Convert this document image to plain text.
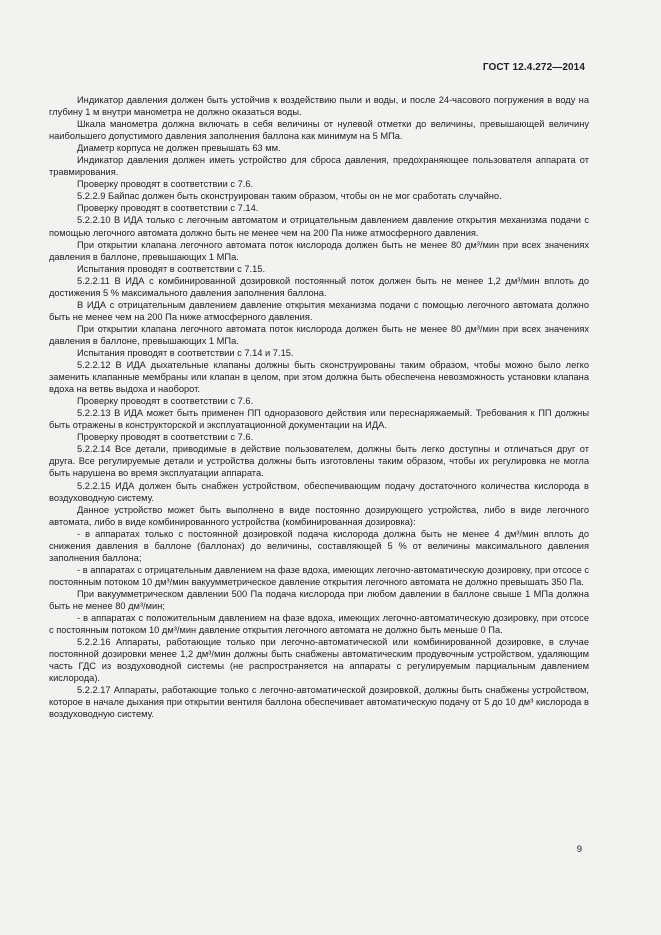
ГОСТ 12.4.272—2014

Индикатор давления должен быть устойчив к воздействию пыли и воды, и после 24-часового погружения в воду на глубину 1 м внутри манометра не должно оказаться воды.

Шкала манометра должна включать в себя величины от нулевой отметки до величины, превышающей величину наибольшего допустимого давления заполнения баллона как минимум на 5 МПа.

Диаметр корпуса не должен превышать 63 мм.

Индикатор давления должен иметь устройство для сброса давления, предохраняющее пользователя аппарата от травмирования.

Проверку проводят в соответствии с 7.6.

5.2.2.9 Байпас должен быть сконструирован таким образом, чтобы он не мог сработать случайно.

Проверку проводят в соответствии с 7.14.

5.2.2.10 В ИДА только с легочным автоматом и отрицательным давлением давление открытия механизма подачи с помощью легочного автомата должно быть не менее чем на 200 Па ниже атмосферного давления.

При открытии клапана легочного автомата поток кислорода должен быть не менее 80 дм³/мин при всех значениях давления в баллоне, превышающих 1 МПа.

Испытания проводят в соответствии с 7.15.

5.2.2.11 В ИДА с комбинированной дозировкой постоянный поток должен быть не менее 1,2 дм³/мин вплоть до достижения 5 % максимального давления заполнения баллона.

В ИДА с отрицательным давлением давление открытия механизма подачи с помощью легочного автомата должно быть не менее чем на 200 Па ниже атмосферного давления.

При открытии клапана легочного автомата поток кислорода должен быть не менее 80 дм³/мин при всех значениях давления в баллоне, превышающих 1 МПа.

Испытания проводят в соответствии с 7.14 и 7.15.

5.2.2.12 В ИДА дыхательные клапаны должны быть сконструированы таким образом, чтобы можно было легко заменить клапанные мембраны или клапан в целом, при этом должна быть обеспечена невозможность установки клапана вдоха на ветвь выдоха и наоборот.

Проверку проводят в соответствии с 7.6.

5.2.2.13 В ИДА может быть применен ПП одноразового действия или переснаряжаемый. Требования к ПП должны быть отражены в конструкторской и эксплуатационной документации на ИДА.

Проверку проводят в соответствии с 7.6.

5.2.2.14 Все детали, приводимые в действие пользователем, должны быть легко доступны и отличаться друг от друга. Все регулируемые детали и устройства должны быть изготовлены таким образом, чтобы их регулировка не могла быть нарушена во время эксплуатации аппарата.

5.2.2.15 ИДА должен быть снабжен устройством, обеспечивающим подачу достаточного количества кислорода в воздуховодную систему.

Данное устройство может быть выполнено в виде постоянно дозирующего устройства, либо в виде легочного автомата, либо в виде комбинированного устройства (комбинированная дозировка):

- в аппаратах только с постоянной дозировкой подача кислорода должна быть не менее 4 дм³/мин вплоть до снижения давления в баллоне (баллонах) до величины, составляющей 5 % от величины максимального давления заполнения баллона;

- в аппаратах с отрицательным давлением на фазе вдоха, имеющих легочно-автоматическую дозировку, при отсосе с постоянным потоком 10 дм³/мин вакуумметрическое давление открытия легочного автомата не должно превышать 350 Па.

При вакуумметрическом давлении 500 Па подача кислорода при любом давлении в баллоне свыше 1 МПа должна быть не менее 80 дм³/мин;

- в аппаратах с положительным давлением на фазе вдоха, имеющих легочно-автоматическую дозировку, при отсосе с постоянным потоком 10 дм³/мин давление открытия легочного автомата не должно быть меньше 0 Па.

5.2.2.16 Аппараты, работающие только при легочно-автоматической или комбинированной дозировке, в случае постоянной дозировки менее 1,2 дм³/мин должны быть снабжены автоматическим продувочным устройством, удаляющим часть ГДС из воздуховодной системы (не распространяется на аппараты с регулируемым парциальным давлением кислорода).

5.2.2.17 Аппараты, работающие только с легочно-автоматической дозировкой, должны быть снабжены устройством, которое в начале дыхания при открытии вентиля баллона обеспечивает автоматическую подачу от 5 до 10 дм³ кислорода в воздуховодную систему.

9
